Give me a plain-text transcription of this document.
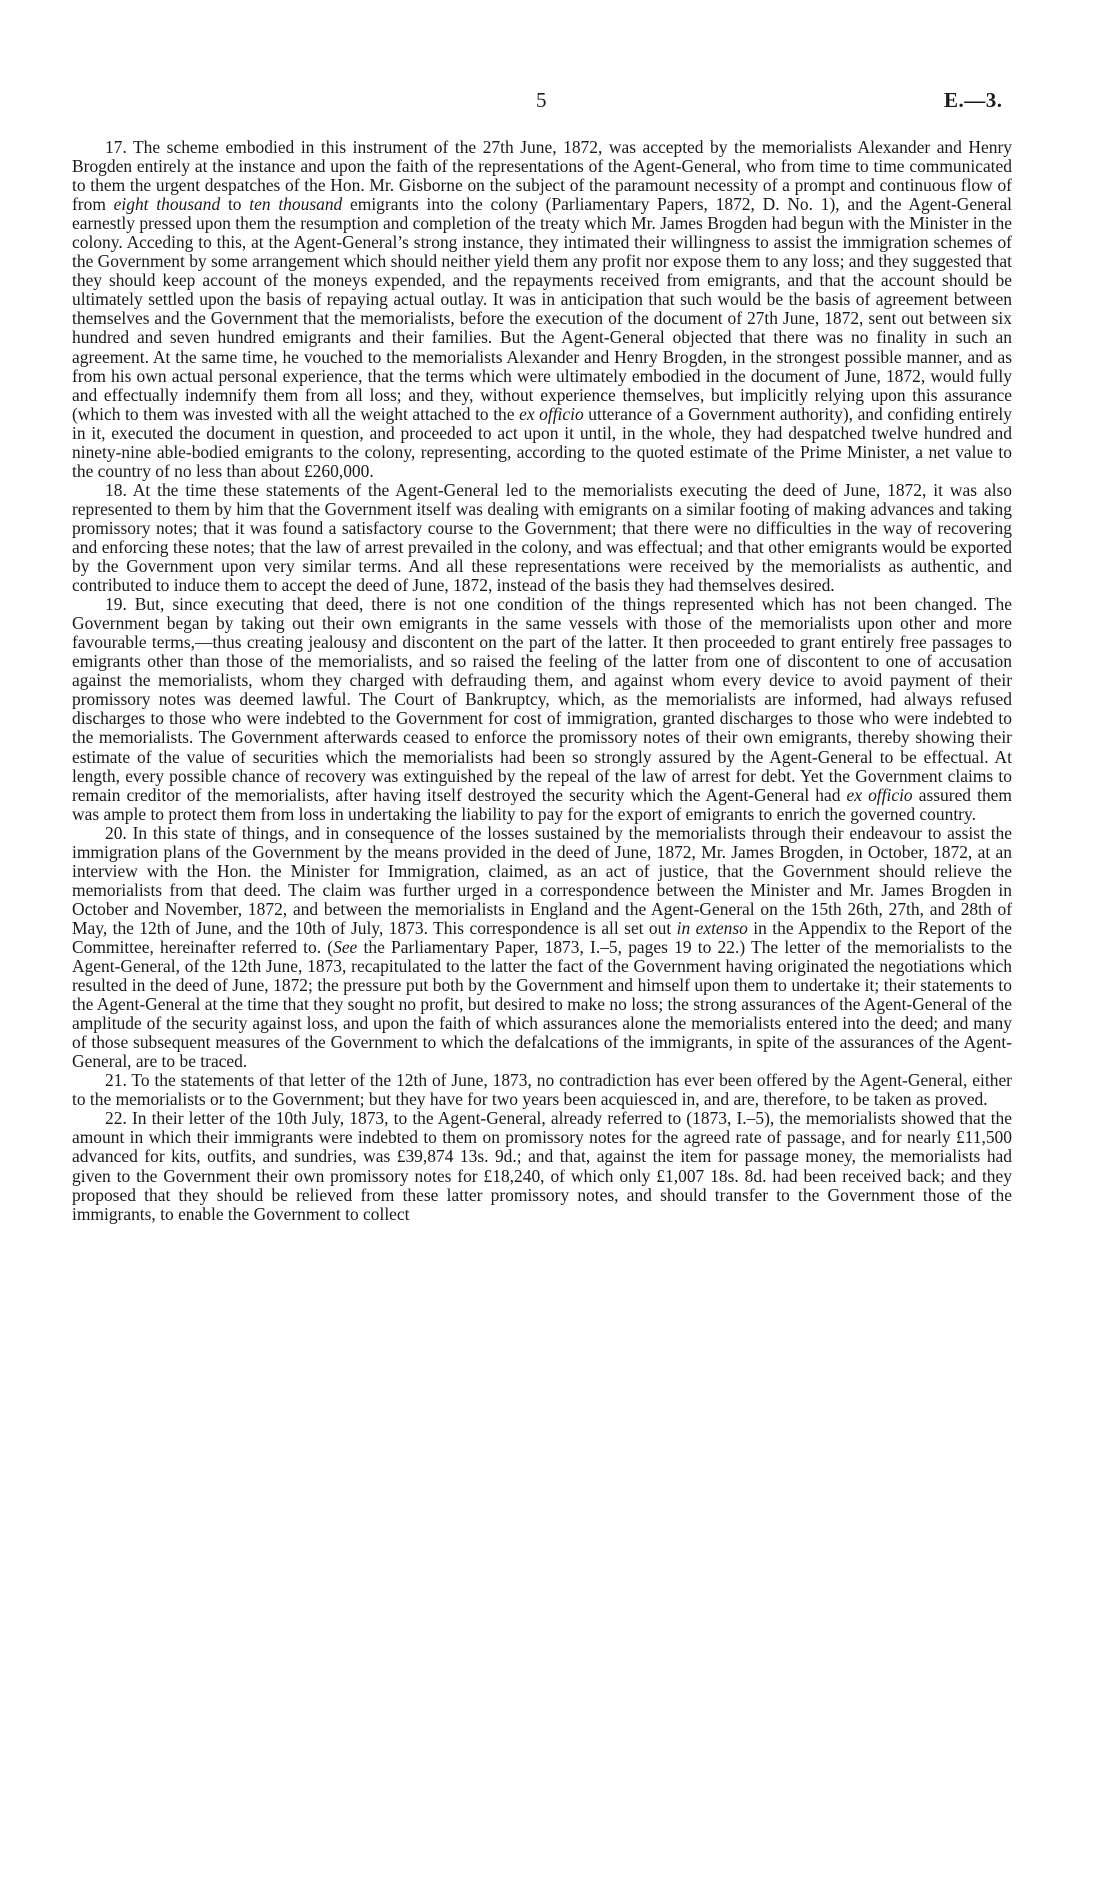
5	E.—3.

17. The scheme embodied in this instrument of the 27th June, 1872, was accepted by the memorialists Alexander and Henry Brogden entirely at the instance and upon the faith of the representations of the Agent-General, who from time to time communicated to them the urgent despatches of the Hon. Mr. Gisborne on the subject of the paramount necessity of a prompt and continuous flow of from eight thousand to ten thousand emigrants into the colony (Parliamentary Papers, 1872, D. No. 1), and the Agent-General earnestly pressed upon them the resumption and completion of the treaty which Mr. James Brogden had begun with the Minister in the colony. Acceding to this, at the Agent-General’s strong instance, they intimated their willingness to assist the immigration schemes of the Government by some arrangement which should neither yield them any profit nor expose them to any loss; and they suggested that they should keep account of the moneys expended, and the repayments received from emigrants, and that the account should be ultimately settled upon the basis of repaying actual outlay. It was in anticipation that such would be the basis of agreement between themselves and the Government that the memorialists, before the execution of the document of 27th June, 1872, sent out between six hundred and seven hundred emigrants and their families. But the Agent-General objected that there was no finality in such an agreement. At the same time, he vouched to the memorialists Alexander and Henry Brogden, in the strongest possible manner, and as from his own actual personal experience, that the terms which were ultimately embodied in the document of June, 1872, would fully and effectually indemnify them from all loss; and they, without experience themselves, but implicitly relying upon this assurance (which to them was invested with all the weight attached to the ex officio utterance of a Government authority), and confiding entirely in it, executed the document in question, and proceeded to act upon it until, in the whole, they had despatched twelve hundred and ninety-nine able-bodied emigrants to the colony, representing, according to the quoted estimate of the Prime Minister, a net value to the country of no less than about £260,000.

18. At the time these statements of the Agent-General led to the memorialists executing the deed of June, 1872, it was also represented to them by him that the Government itself was dealing with emigrants on a similar footing of making advances and taking promissory notes; that it was found a satisfactory course to the Government; that there were no difficulties in the way of recovering and enforcing these notes; that the law of arrest prevailed in the colony, and was effectual; and that other emigrants would be exported by the Government upon very similar terms. And all these representations were received by the memorialists as authentic, and contributed to induce them to accept the deed of June, 1872, instead of the basis they had themselves desired.

19. But, since executing that deed, there is not one condition of the things represented which has not been changed. The Government began by taking out their own emigrants in the same vessels with those of the memorialists upon other and more favourable terms,—thus creating jealousy and discontent on the part of the latter. It then proceeded to grant entirely free passages to emigrants other than those of the memorialists, and so raised the feeling of the latter from one of discontent to one of accusation against the memorialists, whom they charged with defrauding them, and against whom every device to avoid payment of their promissory notes was deemed lawful. The Court of Bankruptcy, which, as the memorialists are informed, had always refused discharges to those who were indebted to the Government for cost of immigration, granted discharges to those who were indebted to the memorialists. The Government afterwards ceased to enforce the promissory notes of their own emigrants, thereby showing their estimate of the value of securities which the memorialists had been so strongly assured by the Agent-General to be effectual. At length, every possible chance of recovery was extinguished by the repeal of the law of arrest for debt. Yet the Government claims to remain creditor of the memorialists, after having itself destroyed the security which the Agent-General had ex officio assured them was ample to protect them from loss in undertaking the liability to pay for the export of emigrants to enrich the governed country.

20. In this state of things, and in consequence of the losses sustained by the memorialists through their endeavour to assist the immigration plans of the Government by the means provided in the deed of June, 1872, Mr. James Brogden, in October, 1872, at an interview with the Hon. the Minister for Immigration, claimed, as an act of justice, that the Government should relieve the memorialists from that deed. The claim was further urged in a correspondence between the Minister and Mr. James Brogden in October and November, 1872, and between the memorialists in England and the Agent-General on the 15th 26th, 27th, and 28th of May, the 12th of June, and the 10th of July, 1873. This correspondence is all set out in extenso in the Appendix to the Report of the Committee, hereinafter referred to. (See the Parliamentary Paper, 1873, I.–5, pages 19 to 22.) The letter of the memorialists to the Agent-General, of the 12th June, 1873, recapitulated to the latter the fact of the Government having originated the negotiations which resulted in the deed of June, 1872; the pressure put both by the Government and himself upon them to undertake it; their statements to the Agent-General at the time that they sought no profit, but desired to make no loss; the strong assurances of the Agent-General of the amplitude of the security against loss, and upon the faith of which assurances alone the memorialists entered into the deed; and many of those subsequent measures of the Government to which the defalcations of the immigrants, in spite of the assurances of the Agent-General, are to be traced.

21. To the statements of that letter of the 12th of June, 1873, no contradiction has ever been offered by the Agent-General, either to the memorialists or to the Government; but they have for two years been acquiesced in, and are, therefore, to be taken as proved.

22. In their letter of the 10th July, 1873, to the Agent-General, already referred to (1873, I.–5), the memorialists showed that the amount in which their immigrants were indebted to them on promissory notes for the agreed rate of passage, and for nearly £11,500 advanced for kits, outfits, and sundries, was £39,874 13s. 9d.; and that, against the item for passage money, the memorialists had given to the Government their own promissory notes for £18,240, of which only £1,007 18s. 8d. had been received back; and they proposed that they should be relieved from these latter promissory notes, and should transfer to the Government those of the immigrants, to enable the Government to collect
